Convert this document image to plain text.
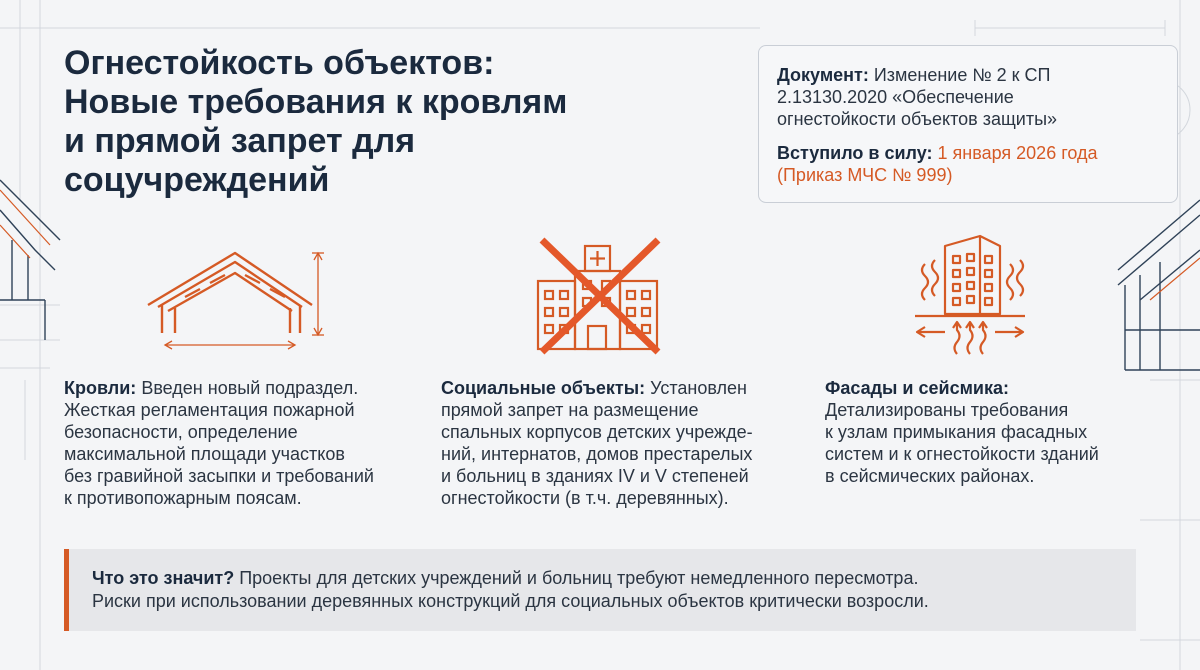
Огнестойкость объектов:
Новые требования к кровлям
и прямой запрет для
соцучреждений
Документ: Изменение № 2 к СП
2.13130.2020 «Обеспечение
огнестойкости объектов защиты»
Вступило в силу: 1 января 2026 года
(Приказ МЧС № 999)
Кровли: Введен новый подраздел.
Жесткая регламентация пожарной
безопасности, определение
максимальной площади участков
без гравийной засыпки и требований
к противопожарным поясам.
Социальные объекты: Установлен
прямой запрет на размещение
спальных корпусов детских учрежде-
ний, интернатов, домов престарелых
и больниц в зданиях IV и V степеней
огнестойкости (в т.ч. деревянных).
Фасады и сейсмика:
Детализированы требования
к узлам примыкания фасадных
систем и к огнестойкости зданий
в сейсмических районах.
Что это значит? Проекты для детских учреждений и больниц требуют немедленного пересмотра.
Риски при использовании деревянных конструкций для социальных объектов критически возросли.
